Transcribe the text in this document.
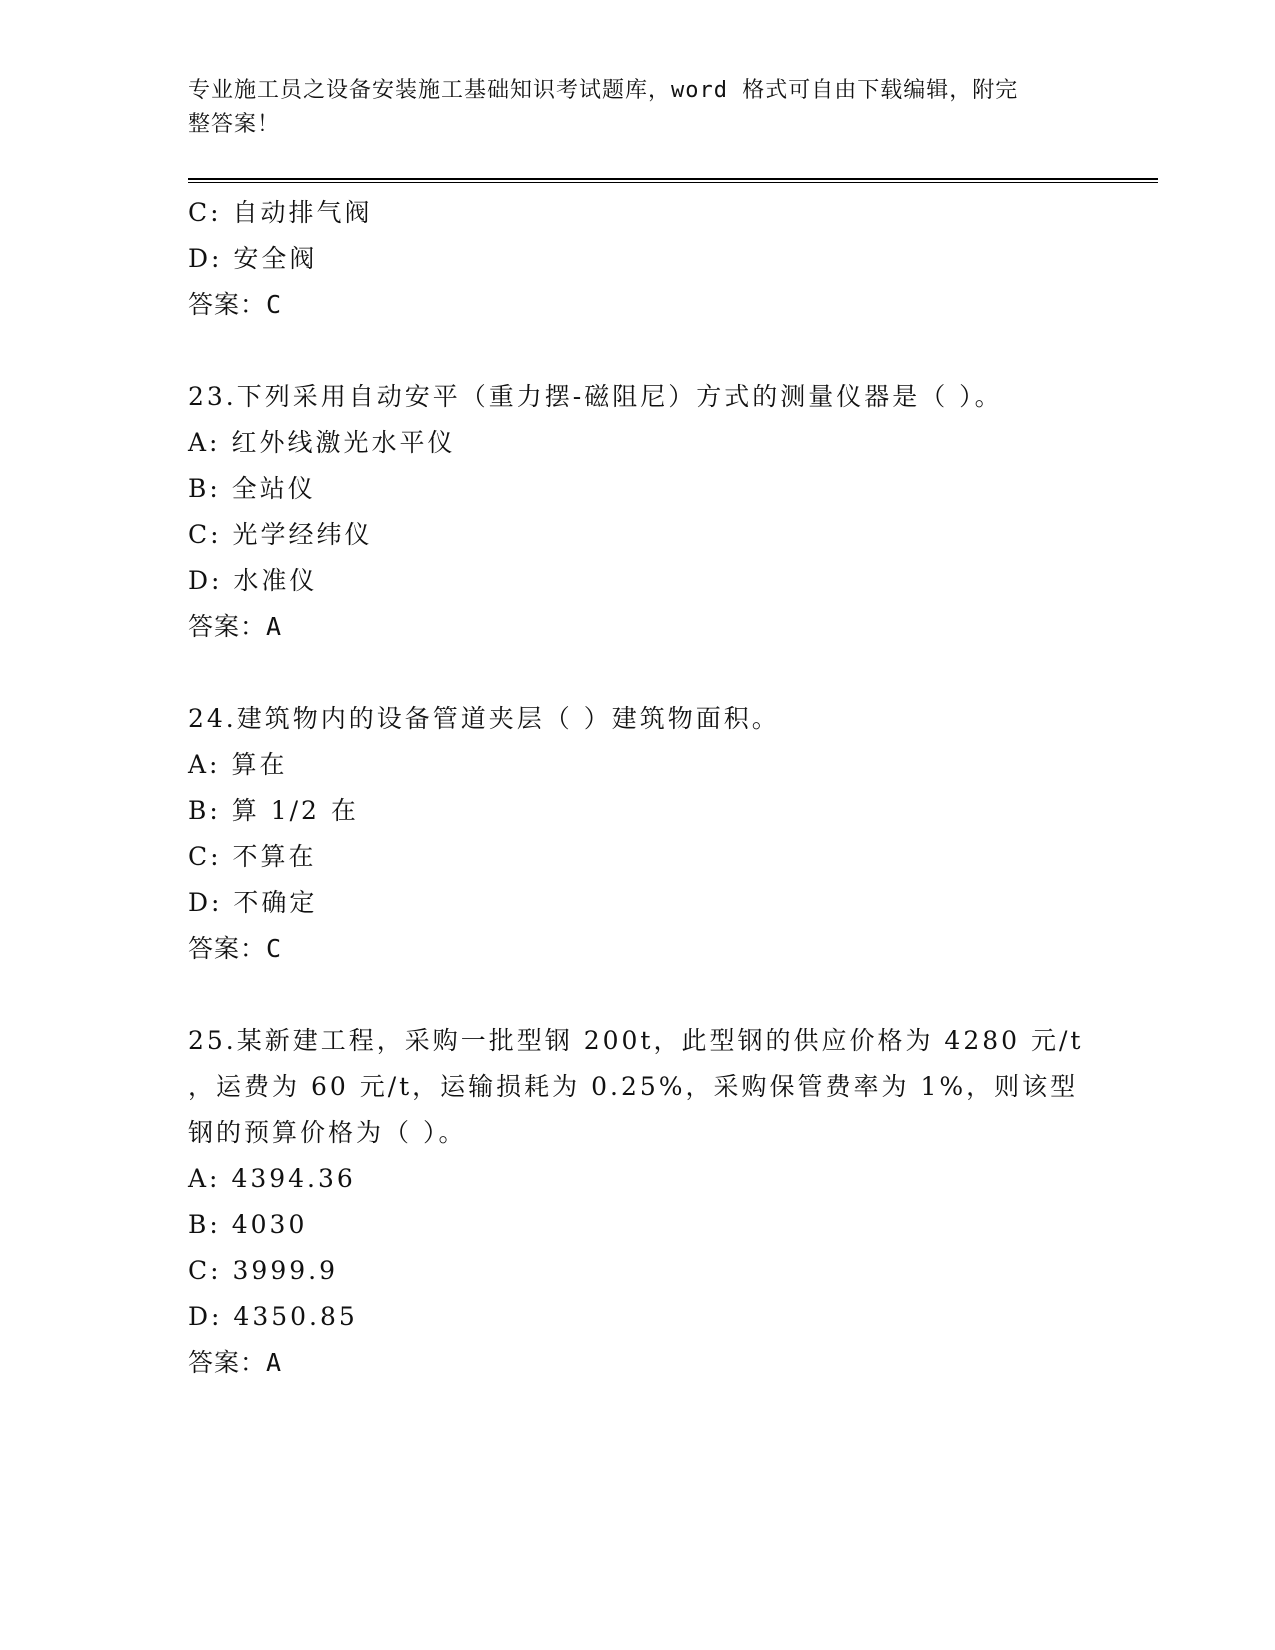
专业施工员之设备安装施工基础知识考试题库，word 格式可自由下载编辑，附完
整答案！
C: 自动排气阀
D: 安全阀
答案：C
23.下列采用自动安平（重力摆-磁阻尼）方式的测量仪器是（ ）。
A: 红外线激光水平仪
B: 全站仪
C: 光学经纬仪
D: 水准仪
答案：A
24.建筑物内的设备管道夹层（ ）建筑物面积。
A: 算在
B: 算 1/2 在
C: 不算在
D: 不确定
答案：C
25.某新建工程，采购一批型钢 200t，此型钢的供应价格为 4280 元/t
，运费为 60 元/t，运输损耗为 0.25%，采购保管费率为 1%，则该型
钢的预算价格为（ ）。
A: 4394.36
B: 4030
C: 3999.9
D: 4350.85
答案：A
